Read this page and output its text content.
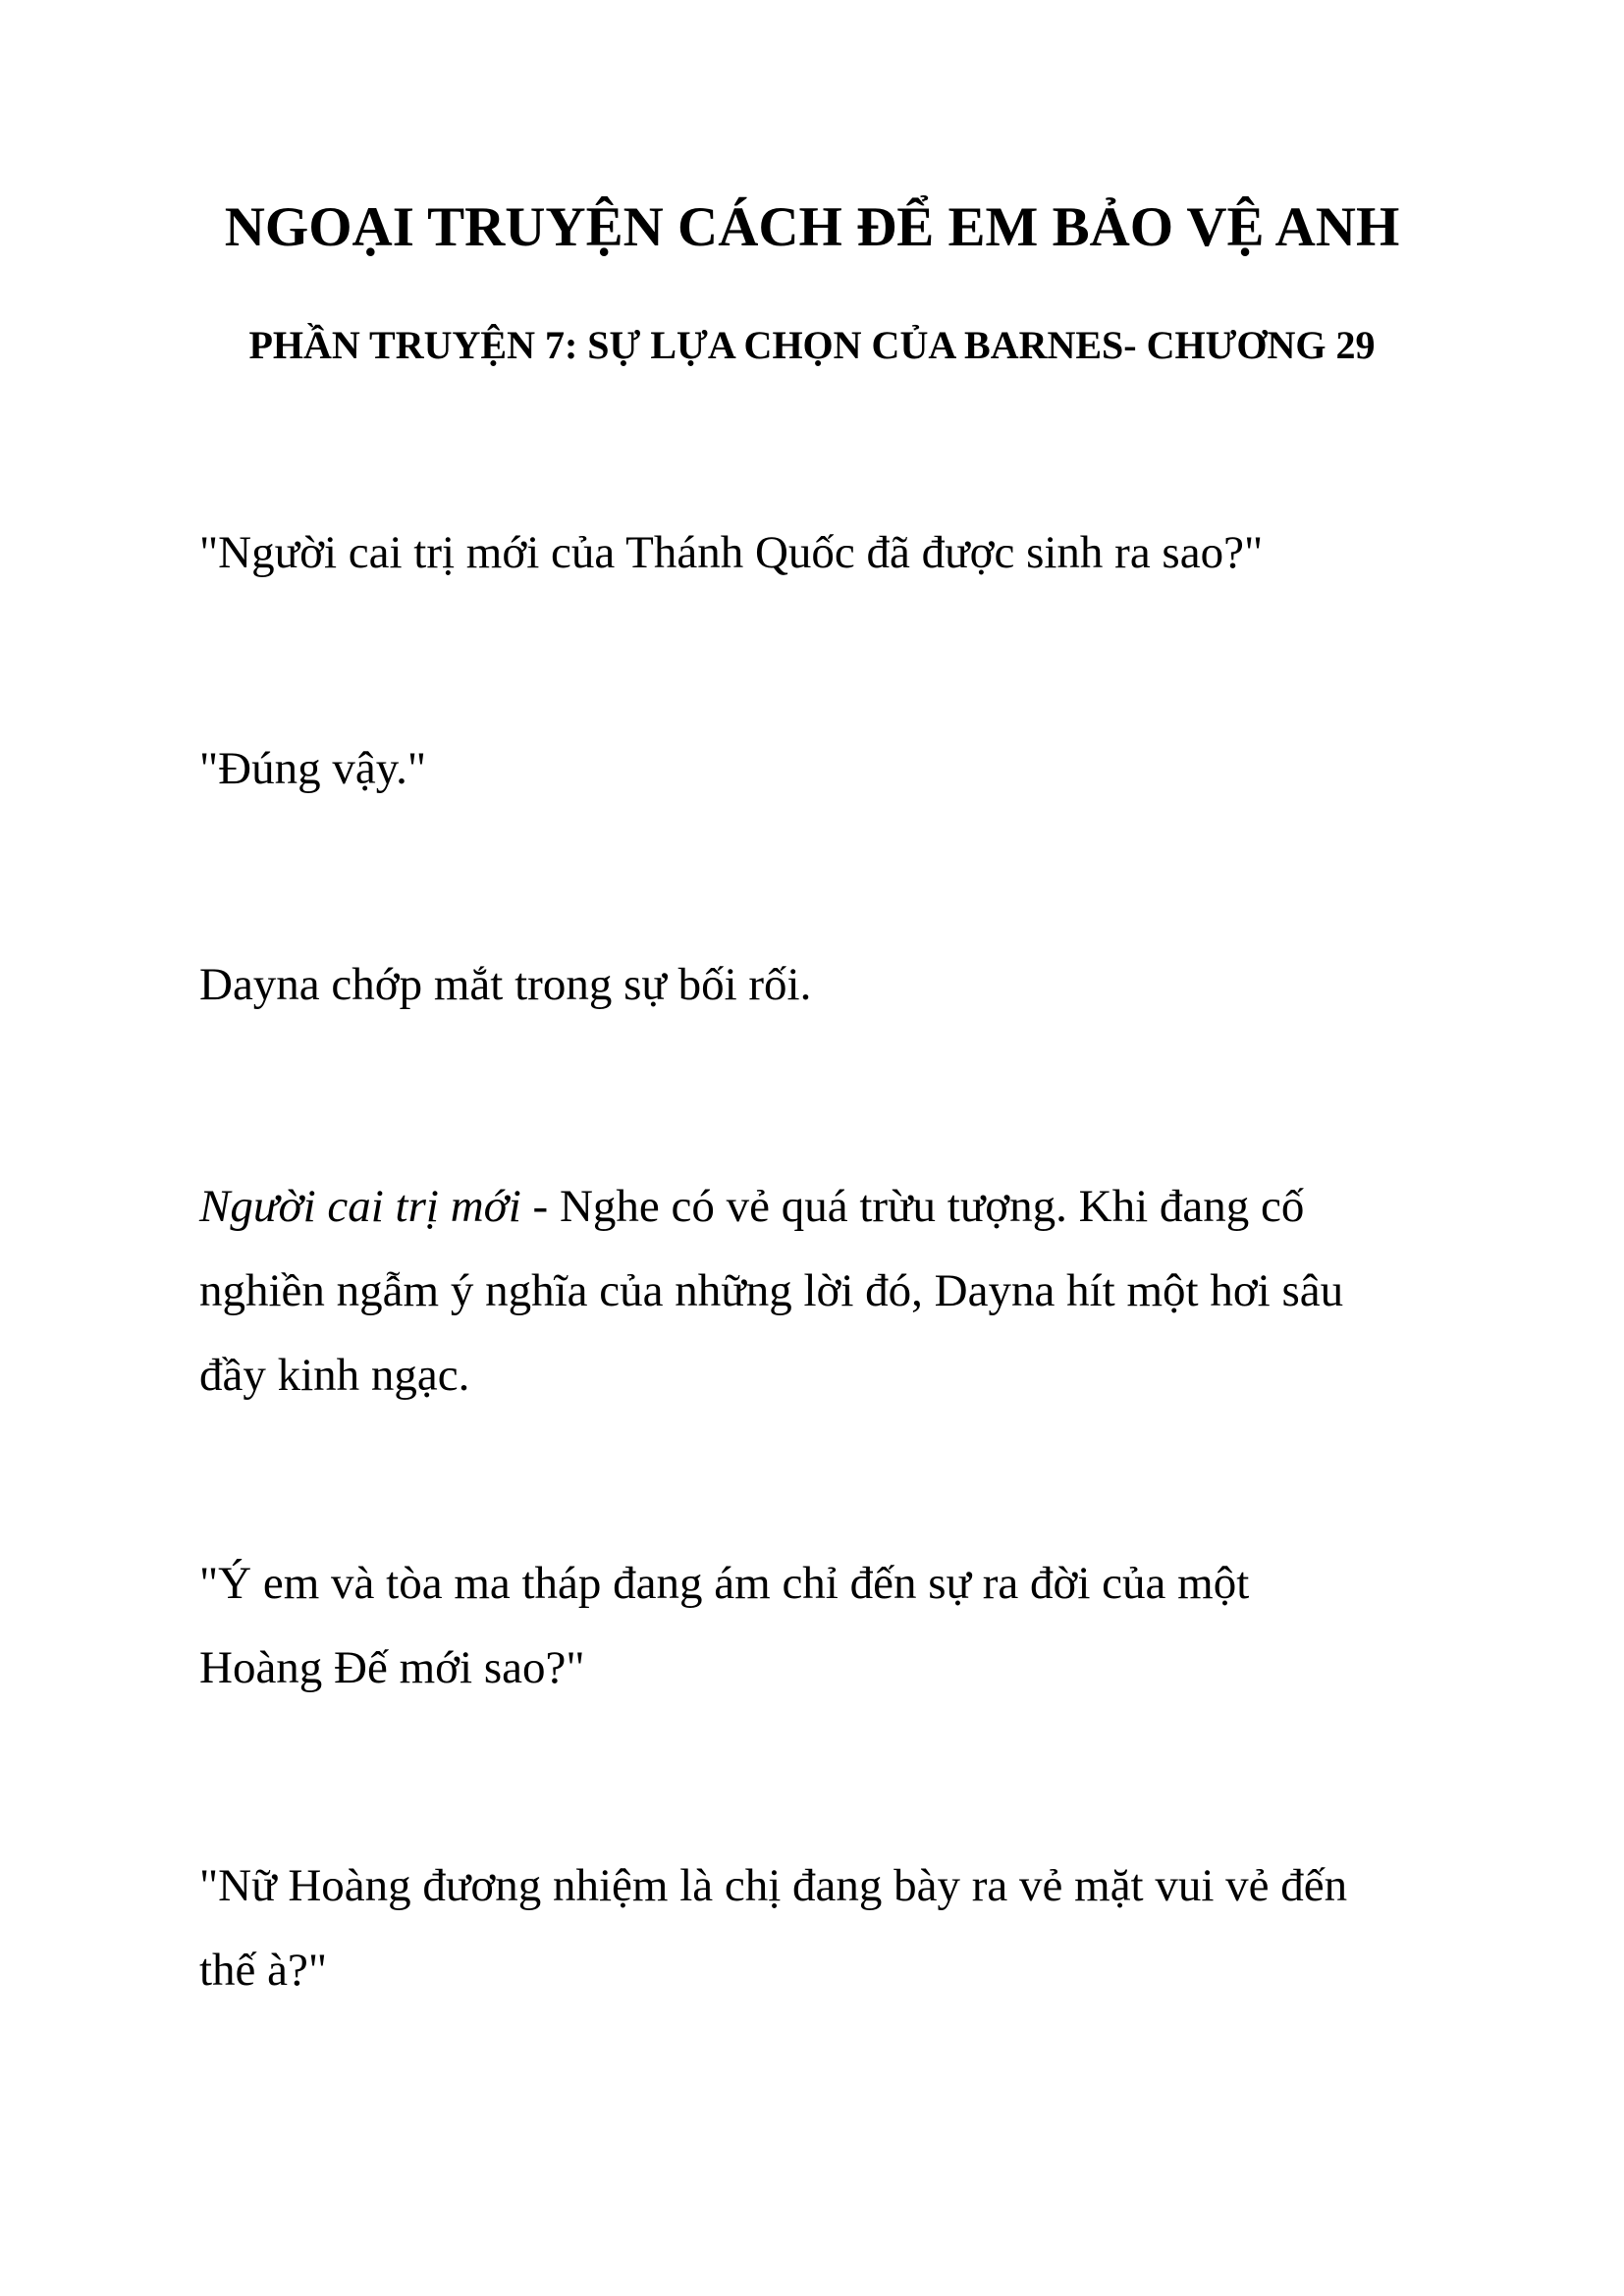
NGOẠI TRUYỆN CÁCH ĐỂ EM BẢO VỆ ANH
PHẦN TRUYỆN 7: SỰ LỰA CHỌN CỦA BARNES- CHƯƠNG 29

"Người cai trị mới của Thánh Quốc đã được sinh ra sao?"

"Đúng vậy."

Dayna chớp mắt trong sự bối rối.

Người cai trị mới - Nghe có vẻ quá trừu tượng. Khi đang cố
nghiền ngẫm ý nghĩa của những lời đó, Dayna hít một hơi sâu
đầy kinh ngạc.

"Ý em và tòa ma tháp đang ám chỉ đến sự ra đời của một
Hoàng Đế mới sao?"

"Nữ Hoàng đương nhiệm là chị đang bày ra vẻ mặt vui vẻ đến
thế à?"
